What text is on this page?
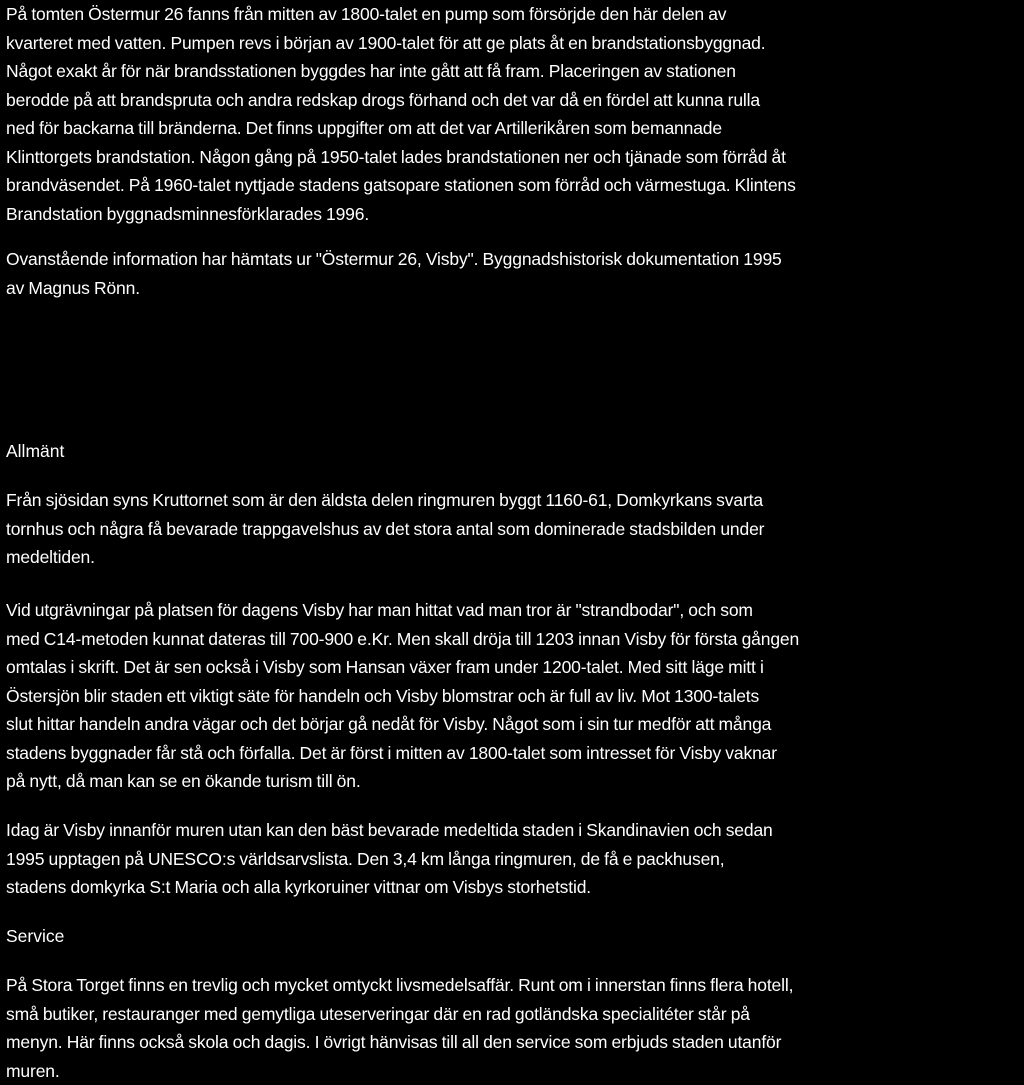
På tomten Östermur 26 fanns från mitten av 1800-talet en pump som försörjde den här delen av
kvarteret med vatten. Pumpen revs i början av 1900-talet för att ge plats åt en brandstationsbyggnad.
Något exakt år för när brandsstationen byggdes har inte gått att få fram. Placeringen av stationen
berodde på att brandspruta och andra redskap drogs förhand och det var då en fördel att kunna rulla
ned för backarna till bränderna. Det finns uppgifter om att det var Artillerikåren som bemannade
Klinttorgets brandstation. Någon gång på 1950-talet lades brandstationen ner och tjänade som förråd åt
brandväsendet. På 1960-talet nyttjade stadens gatsopare stationen som förråd och värmestuga. Klintens
Brandstation byggnadsminnesförklarades 1996.
Ovanstående information har hämtats ur "Östermur 26, Visby". Byggnadshistorisk dokumentation 1995
av Magnus Rönn.
Allmänt
Från sjösidan syns Kruttornet som är den äldsta delen ringmuren byggt 1160-61, Domkyrkans svarta
tornhus och några få bevarade trappgavelshus av det stora antal som dominerade stadsbilden under
medeltiden.
Vid utgrävningar på platsen för dagens Visby har man hittat vad man tror är "strandbodar", och som
med C14-metoden kunnat dateras till 700-900 e.Kr. Men skall dröja till 1203 innan Visby för första gången
omtalas i skrift. Det är sen också i Visby som Hansan växer fram under 1200-talet. Med sitt läge mitt i
Östersjön blir staden ett viktigt säte för handeln och Visby blomstrar och är full av liv. Mot 1300-talets
slut hittar handeln andra vägar och det börjar gå nedåt för Visby. Något som i sin tur medför att många
stadens byggnader får stå och förfalla. Det är först i mitten av 1800-talet som intresset för Visby vaknar
på nytt, då man kan se en ökande turism till ön.
Idag är Visby innanför muren utan kan den bäst bevarade medeltida staden i Skandinavien och sedan
1995 upptagen på UNESCO:s världsarvslista. Den 3,4 km långa ringmuren, de få e packhusen,
stadens domkyrka S:t Maria och alla kyrkoruiner vittnar om Visbys storhetstid.
Service
På Stora Torget finns en trevlig och mycket omtyckt livsmedelsaffär. Runt om i innerstan finns flera hotell,
små butiker, restauranger med gemytliga uteserveringar där en rad gotländska specialitéter står på
menyn. Här finns också skola och dagis. I övrigt hänvisas till all den service som erbjuds staden utanför
muren.
